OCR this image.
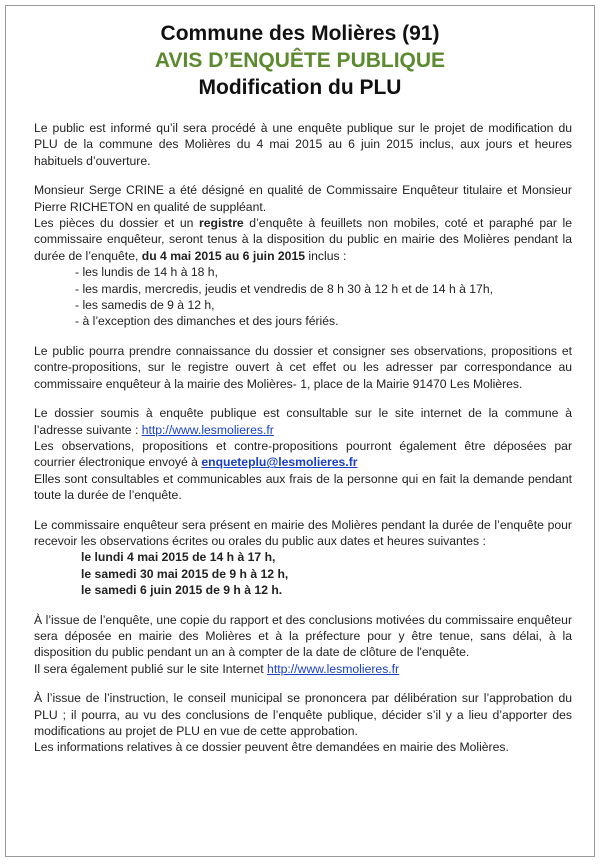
Commune des Molières (91)
AVIS D’ENQUÊTE PUBLIQUE
Modification du PLU

Le public est informé qu’il sera procédé à une enquête publique sur le projet de modification du PLU de la commune des Molières du 4 mai 2015 au 6 juin 2015 inclus, aux jours et heures habituels d’ouverture.

Monsieur Serge CRINE a été désigné en qualité de Commissaire Enquêteur titulaire et Monsieur Pierre RICHETON en qualité de suppléant.

Les pièces du dossier et un registre d’enquête à feuillets non mobiles, coté et paraphé par le commissaire enquêteur, seront tenus à la disposition du public en mairie des Molières pendant la durée de l’enquête, du 4 mai 2015 au 6 juin 2015 inclus :

- les lundis de 14 h à 18 h,
- les mardis, mercredis, jeudis et vendredis de 8 h 30 à 12 h et de 14 h à 17h,
- les samedis de 9 à 12 h,
- à l’exception des dimanches et des jours fériés.

Le public pourra prendre connaissance du dossier et consigner ses observations, propositions et contre-propositions, sur le registre ouvert à cet effet ou les adresser par correspondance au commissaire enquêteur à la mairie des Molières- 1, place de la Mairie 91470 Les Molières.

Le dossier soumis à enquête publique est consultable sur le site internet de la commune à l’adresse suivante : http://www.lesmolieres.fr

Les observations, propositions et contre-propositions pourront également être déposées par courrier électronique envoyé à enqueteplu@lesmolieres.fr

Elles sont consultables et communicables aux frais de la personne qui en fait la demande pendant toute la durée de l’enquête.

Le commissaire enquêteur sera présent en mairie des Molières pendant la durée de l’enquête pour recevoir les observations écrites ou orales du public aux dates et heures suivantes :

le lundi 4 mai 2015 de 14 h à 17 h,
le samedi 30 mai 2015 de 9 h à 12 h,
le samedi 6 juin 2015 de 9 h à 12 h.

À l’issue de l’enquête, une copie du rapport et des conclusions motivées du commissaire enquêteur sera déposée en mairie des Molières et à la préfecture pour y être tenue, sans délai, à la disposition du public pendant un an à compter de la date de clôture de l'enquête.

Il sera également publié sur le site Internet http://www.lesmolieres.fr

À l’issue de l’instruction, le conseil municipal se prononcera par délibération sur l’approbation du PLU ; il pourra, au vu des conclusions de l’enquête publique, décider s’il y a lieu d’apporter des modifications au projet de PLU en vue de cette approbation.

Les informations relatives à ce dossier peuvent être demandées en mairie des Molières.
